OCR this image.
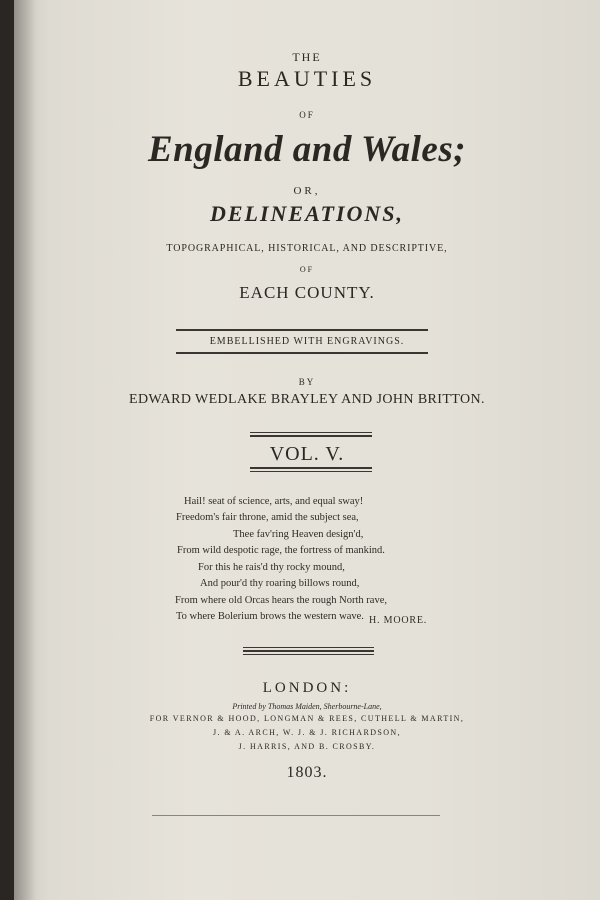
THE
BEAUTIES
OF
England and Wales;
OR,
DELINEATIONS,
TOPOGRAPHICAL, HISTORICAL, AND DESCRIPTIVE,
OF
EACH COUNTY.
EMBELLISHED WITH ENGRAVINGS.
BY
EDWARD WEDLAKE BRAYLEY AND JOHN BRITTON.
VOL. V.
Hail! seat of science, arts, and equal sway!
Freedom's fair throne, amid the subject sea,
Thee fav'ring Heaven design'd,
From wild despotic rage, the fortress of mankind.
For this he rais'd thy rocky mound,
And pour'd thy roaring billows round,
From where old Orcas hears the rough North rave,
To where Bolerium brows the western wave. H. MOORE.
LONDON:
Printed by Thomas Maiden, Sherbourne-Lane,
FOR VERNOR & HOOD, LONGMAN & REES, CUTHELL & MARTIN,
J. & A. ARCH, W. J. & J. RICHARDSON,
J. HARRIS, AND B. CROSBY.
1803.
